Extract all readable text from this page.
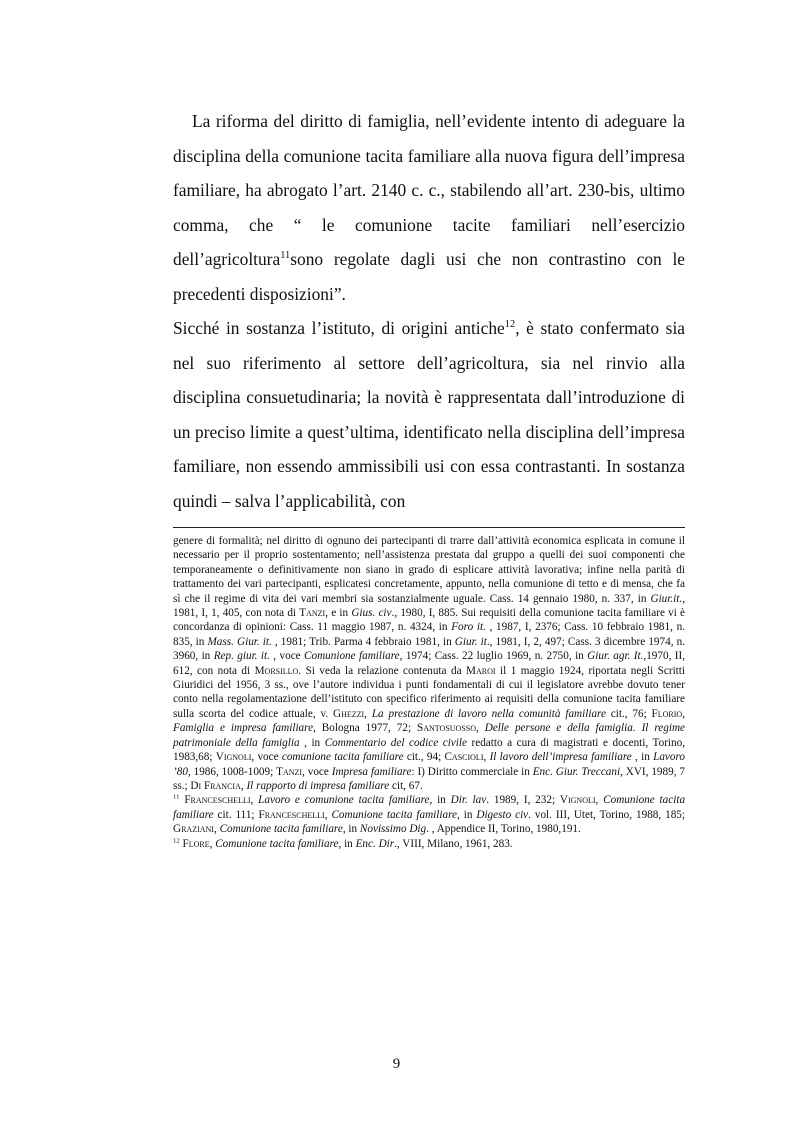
La riforma del diritto di famiglia, nell’evidente intento di adeguare la disciplina della comunione tacita familiare alla nuova figura dell’impresa familiare, ha abrogato l’art. 2140 c. c., stabilendo all’art. 230-bis, ultimo comma, che “ le comunione tacite familiari nell’esercizio dell’agricoltura$^{11}$sono regolate dagli usi che non contrastino con le precedenti disposizioni”.

Sicché in sostanza l’istituto, di origini antiche$^{12}$, è stato confermato sia nel suo riferimento al settore dell’agricoltura, sia nel rinvio alla disciplina consuetudinaria; la novità è rappresentata dall’introduzione di un preciso limite a quest’ultima, identificato nella disciplina dell’impresa familiare, non essendo ammissibili usi con essa contrastanti. In sostanza quindi – salva l’applicabilità, con

genere di formalità; nel diritto di ognuno dei partecipanti di trarre dall’attività economica esplicata in comune il necessario per il proprio sostentamento; nell’assistenza prestata dal gruppo a quelli dei suoi componenti che temporaneamente o definitivamente non siano in grado di esplicare attività lavorativa; infine nella parità di trattamento dei vari partecipanti, esplicatesi concretamente, appunto, nella comunione di tetto e di mensa, che fa sì che il regime di vita dei vari membri sia sostanzialmente uguale. Cass. 14 gennaio 1980, n. 337, in Giur.it., 1981, I, 1, 405, con nota di Tanzi, e in Gius. civ., 1980, I, 885. Sui requisiti della comunione tacita familiare vi è concordanza di opinioni: Cass. 11 maggio 1987, n. 4324, in Foro it. , 1987, I, 2376; Cass. 10 febbraio 1981, n. 835, in Mass. Giur. it. , 1981; Trib. Parma 4 febbraio 1981, in Giur. it., 1981, I, 2, 497; Cass. 3 dicembre 1974, n. 3960, in Rep. giur. it. , voce Comunione familiare, 1974; Cass. 22 luglio 1969, n. 2750, in Giur. agr. It.,1970, II, 612, con nota di Morsillo. Si veda la relazione contenuta da Maroi il 1 maggio 1924, riportata negli Scritti Giuridici del 1956, 3 ss., ove l’autore individua i punti fondamentali di cui il legislatore avrebbe dovuto tener conto nella regolamentazione dell’istituto con specifico riferimento ai requisiti della comunione tacita familiare sulla scorta del codice attuale, v. Ghezzi, La prestazione di lavoro nella comunità familiare cit., 76; Florio, Famiglia e impresa familiare, Bologna 1977, 72; Santosuosso, Delle persone e della famiglia. Il regime patrimoniale della famiglia , in Commentario del codice civile redatto a cura di magistrati e docenti, Torino, 1983,68; Vignoli, voce comunione tacita familiare cit., 94; Cascioli, Il lavoro dell’impresa familiare , in Lavoro ’80, 1986, 1008-1009; Tanzi, voce Impresa familiare: I) Diritto commerciale in Enc. Giur. Treccani, XVI, 1989, 7 ss.; Di Francia, Il rapporto di impresa familiare cit, 67.

$^{11}$ Franceschelli, Lavoro e comunione tacita familiare, in Dir. lav. 1989, I, 232; Vignoli, Comunione tacita familiare cit. 111; Franceschelli, Comunione tacita familiare, in Digesto civ. vol. III, Utet, Torino, 1988, 185; Graziani, Comunione tacita familiare, in Novissimo Dig. , Appendice II, Torino, 1980,191.

$^{12}$ Flore, Comunione tacita familiare, in Enc. Dir., VIII, Milano, 1961, 283.

9
